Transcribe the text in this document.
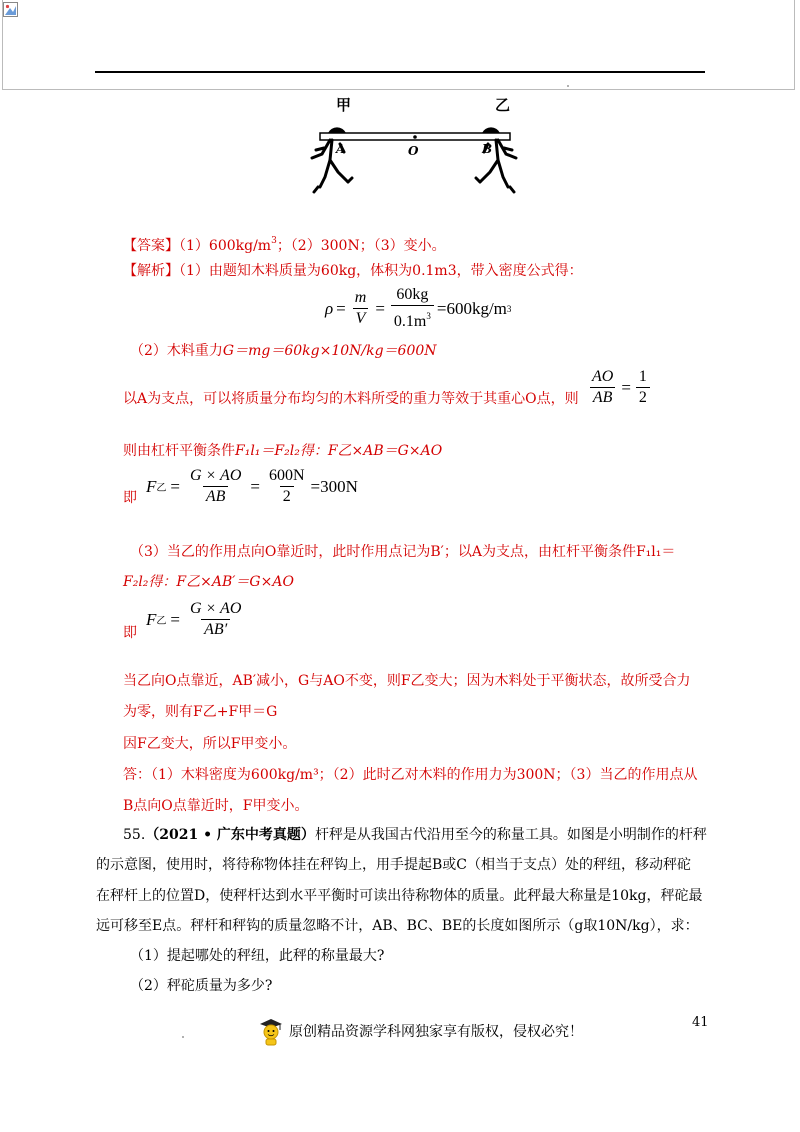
甲	乙
A	O	B
【答案】$(1)600kg/m^3$；（2）300N；（3）变小。
【解析】（1）由题知木料质量为60kg，体积为0.1m3，带入密度公式得：
$\rho = \frac{m}{V} = \frac{60kg}{0.1m^3} =600kg/m$ 3
（2）木料重力G＝mg＝60kg×10N/kg＝600N
以A为支点，可以将质量分布均匀的木料所受的重力等效于其重心O点，则 $\frac{AO}{AB} = \frac{1}{2}$
则由杠杆平衡条件F₁l₁＝F₂l₂得：F乙×AB＝G×AO
即
F 乙 = $\frac{G \times AO}{AB} = \frac{600N}{2} =300N$
（3）当乙的作用点向O靠近时，此时作用点记为B′；以A为支点，由杠杆平衡条件F₁l₁＝
F₂l₂得：F乙×AB′＝G×AO
即
F 乙 = $\frac{G \times AO}{AB'}$
当乙向O点靠近，AB′减小，G与AO不变，则F乙变大；因为木料处于平衡状态，故所受合力
为零，则有F乙+F甲＝G
因F乙变大，所以F甲变小。
答：（1）木料密度为600kg/m³；（2）此时乙对木料的作用力为300N；（3）当乙的作用点从
B点向O点靠近时，F甲变小。
55.（2021 • 广东中考真题）杆秤是从我国古代沿用至今的称量工具。如图是小明制作的杆秤
的示意图，使用时，将待称物体挂在秤钩上，用手提起B或C（相当于支点）处的秤纽，移动秤砣
在秤杆上的位置D，使秤杆达到水平平衡时可读出待称物体的质量。此秤最大称量是10kg，秤砣最
远可移至E点。秤杆和秤钩的质量忽略不计，AB、BC、BE的长度如图所示（g取10N/kg），求：
（1）提起哪处的秤纽，此秤的称量最大?
（2）秤砣质量为多少?
41
原创精品资源学科网独家享有版权，侵权必究！
